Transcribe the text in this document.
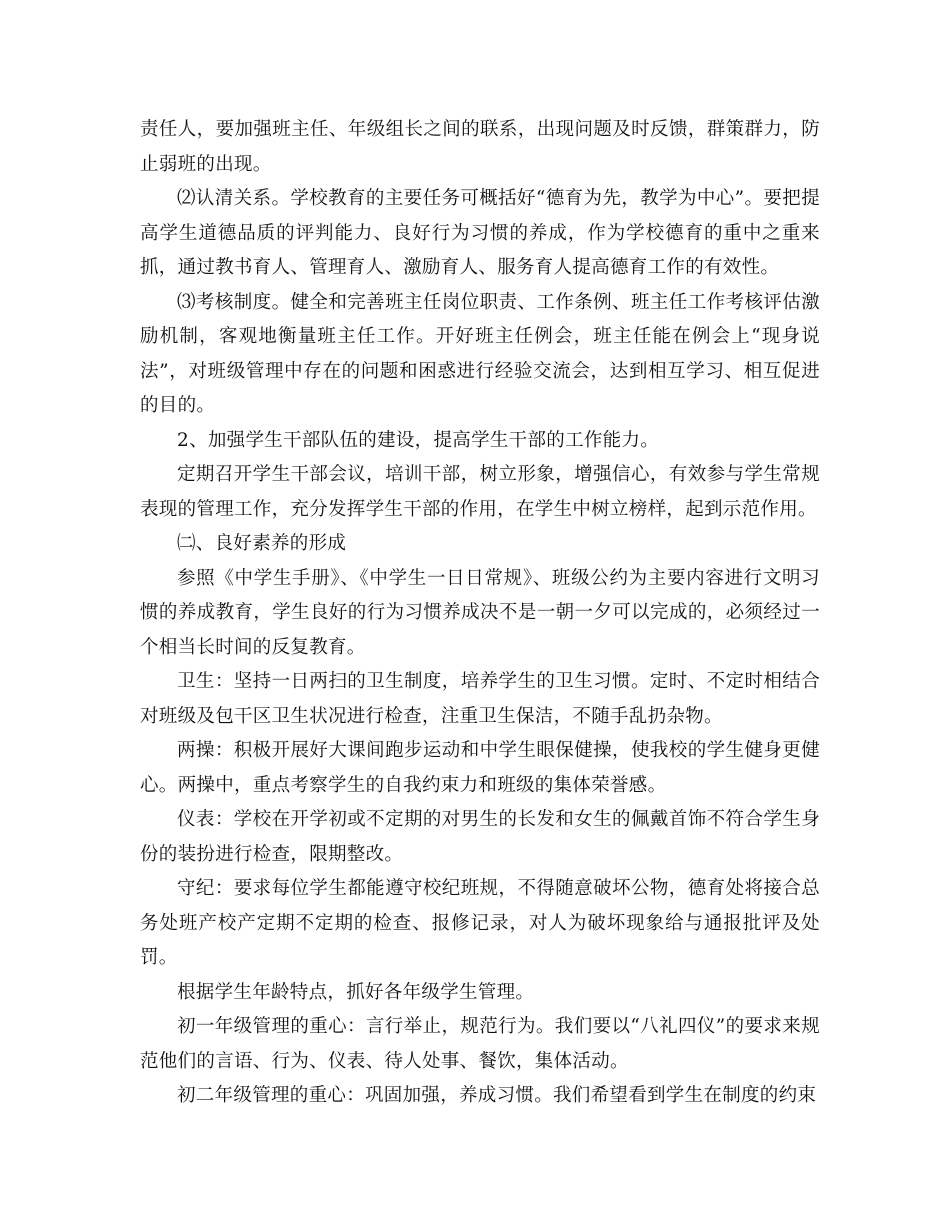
责任人，要加强班主任、年级组长之间的联系，出现问题及时反馈，群策群力，防止弱班的出现。

⑵认清关系。学校教育的主要任务可概括好“德育为先，教学为中心”。要把提高学生道德品质的评判能力、良好行为习惯的养成，作为学校德育的重中之重来抓，通过教书育人、管理育人、激励育人、服务育人提高德育工作的有效性。

⑶考核制度。健全和完善班主任岗位职责、工作条例、班主任工作考核评估激励机制，客观地衡量班主任工作。开好班主任例会，班主任能在例会上“现身说法”，对班级管理中存在的问题和困惑进行经验交流会，达到相互学习、相互促进的目的。

2、加强学生干部队伍的建设，提高学生干部的工作能力。

定期召开学生干部会议，培训干部，树立形象，增强信心，有效参与学生常规表现的管理工作，充分发挥学生干部的作用，在学生中树立榜样，起到示范作用。

㈡、良好素养的形成

参照《中学生手册》、《中学生一日日常规》、班级公约为主要内容进行文明习惯的养成教育，学生良好的行为习惯养成决不是一朝一夕可以完成的，必须经过一个相当长时间的反复教育。

卫生：坚持一日两扫的卫生制度，培养学生的卫生习惯。定时、不定时相结合对班级及包干区卫生状况进行检查，注重卫生保洁，不随手乱扔杂物。

两操：积极开展好大课间跑步运动和中学生眼保健操，使我校的学生健身更健心。两操中，重点考察学生的自我约束力和班级的集体荣誉感。

仪表：学校在开学初或不定期的对男生的长发和女生的佩戴首饰不符合学生身份的装扮进行检查，限期整改。

守纪：要求每位学生都能遵守校纪班规，不得随意破坏公物，德育处将接合总务处班产校产定期不定期的检查、报修记录，对人为破坏现象给与通报批评及处罚。

根据学生年龄特点，抓好各年级学生管理。

初一年级管理的重心：言行举止，规范行为。我们要以“八礼四仪”的要求来规范他们的言语、行为、仪表、待人处事、餐饮，集体活动。

初二年级管理的重心：巩固加强，养成习惯。我们希望看到学生在制度的约束
